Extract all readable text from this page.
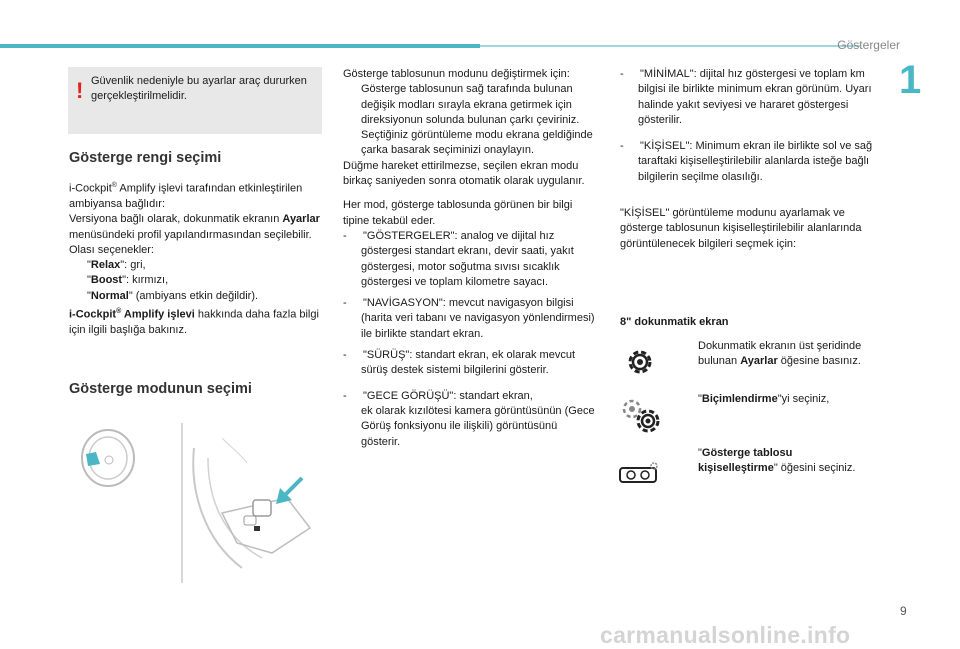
Göstergeler
1
! Güvenlik nedeniyle bu ayarlar araç dururken gerçekleştirilmelidir.
Gösterge rengi seçimi

i-Cockpit® Amplify işlevi tarafından etkinleştirilen ambiyansa bağlıdır:

Versiyona bağlı olarak, dokunmatik ekranın Ayarlar menüsündeki profil yapılandırmasından seçilebilir.

Olası seçenekler:

"Relax": gri,

"Boost": kırmızı,

"Normal" (ambiyans etkin değildir).

i-Cockpit® Amplify işlevi hakkında daha fazla bilgi için ilgili başlığa bakınız.

Gösterge modunun seçimi

Gösterge tablosunun modunu değiştirmek için:

Gösterge tablosunun sağ tarafında bulunan değişik modları sırayla ekrana getirmek için direksiyonun solunda bulunan çarkı çeviriniz.

Seçtiğiniz görüntüleme modu ekrana geldiğinde çarka basarak seçiminizi onaylayın.

Düğme hareket ettirilmezse, seçilen ekran modu birkaç saniyeden sonra otomatik olarak uygulanır.

Her mod, gösterge tablosunda görünen bir bilgi tipine tekabül eder.

- "GÖSTERGELER": analog ve dijital hız göstergesi standart ekranı, devir saati, yakıt göstergesi, motor soğutma sıvısı sıcaklık göstergesi ve toplam kilometre sayacı.

- "NAVİGASYON": mevcut navigasyon bilgisi (harita veri tabanı ve navigasyon yönlendirmesi) ile birlikte standart ekran.

- "SÜRÜŞ": standart ekran, ek olarak mevcut sürüş destek sistemi bilgilerini gösterir.

- "GECE GÖRÜŞÜ": standart ekran,

ek olarak kızılötesi kamera görüntüsünün (Gece Görüş fonksiyonu ile ilişkili) görüntüsünü gösterir.

- "MİNİMAL": dijital hız göstergesi ve toplam km bilgisi ile birlikte minimum ekran görünüm. Uyarı halinde yakıt seviyesi ve hararet göstergesi gösterilir.

- "KİŞİSEL": Minimum ekran ile birlikte sol ve sağ taraftaki kişiselleştirilebilir alanlarda isteğe bağlı bilgilerin seçilme olasılığı.

"KİŞİSEL" görüntüleme modunu ayarlamak ve gösterge tablosunun kişiselleştirilebilir alanlarında görüntülenecek bilgileri seçmek için:

8" dokunmatik ekran

Dokunmatik ekranın üst şeridinde bulunan Ayarlar öğesine basınız.

"Biçimlendirme"yi seçiniz,

"Gösterge tablosu kişiselleştirme" öğesini seçiniz.

9
carmanualsonline.info
